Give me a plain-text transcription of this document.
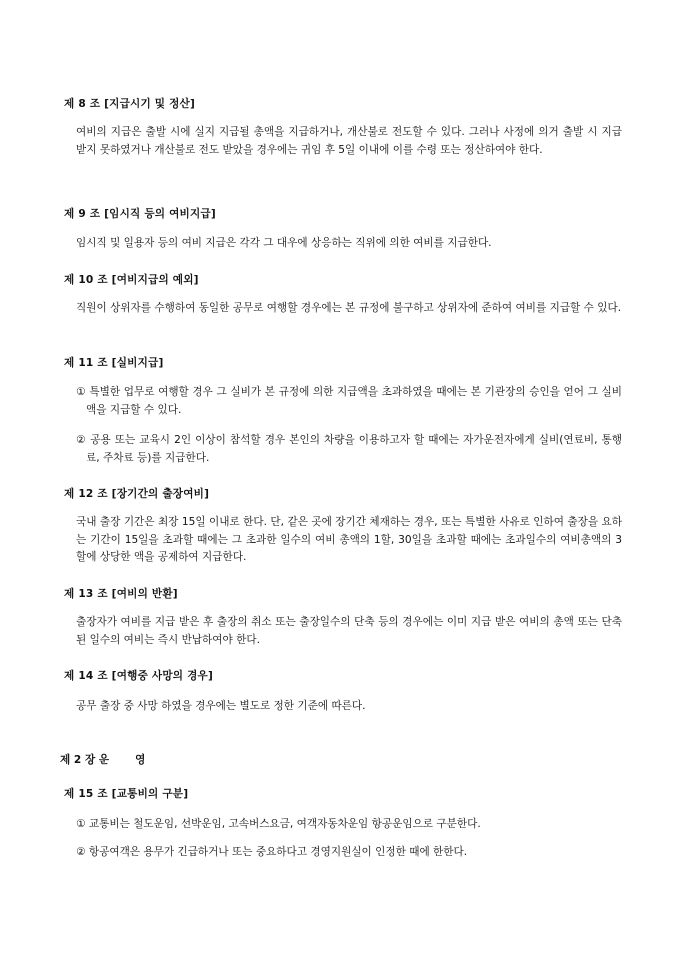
제 8 조 [지급시기 및 정산]
여비의 지급은 출발 시에 실지 지급될 총액을 지급하거나, 개산불로 전도할 수 있다. 그러나 사정에 의거 출발 시 지급 받지 못하였거나 개산불로 전도 받았을 경우에는 귀임 후 5일 이내에 이를 수령 또는 정산하여야 한다.
제 9 조 [임시직 등의 여비지급]
임시직 및 일용자 등의 여비 지급은 각각 그 대우에 상응하는 직위에 의한 여비를 지급한다.
제 10 조 [여비지급의 예외]
직원이 상위자를 수행하여 동일한 공무로 여행할 경우에는 본 규정에 불구하고 상위자에 준하여 여비를 지급할 수 있다.
제 11 조 [실비지급]
① 특별한 업무로 여행할 경우 그 실비가 본 규정에 의한 지급액을 초과하였을 때에는 본 기관장의 승인을 얻어 그 실비액을 지급할 수 있다.
② 공용 또는 교육시 2인 이상이 참석할 경우 본인의 차량을 이용하고자 할 때에는 자가운전자에게 실비(연료비, 통행료, 주차료 등)를 지급한다.
제 12 조 [장기간의 출장여비]
국내 출장 기간은 최장 15일 이내로 한다. 단, 같은 곳에 장기간 체재하는 경우, 또는 특별한 사유로 인하여 출장을 요하는 기간이 15일을 초과할 때에는 그 초과한 일수의 여비 총액의 1할, 30일을 초과할 때에는 초과일수의 여비총액의 3할에 상당한 액을 공제하여 지급한다.
제 13 조 [여비의 반환]
출장자가 여비를 지급 받은 후 출장의 취소 또는 출장일수의 단축 등의 경우에는 이미 지급 받은 여비의 총액 또는 단축된 일수의 여비는 즉시 반납하여야 한다.
제 14 조 [여행중 사망의 경우]
공무 출장 중 사망 하였을 경우에는 별도로 정한 기준에 따른다.
제 2 장 운 영
제 15 조 [교통비의 구분]
① 교통비는 철도운임, 선박운임, 고속버스요금, 여객자동차운임 항공운임으로 구분한다.
② 항공여객은 용무가 긴급하거나 또는 중요하다고 경영지원실이 인정한 때에 한한다.
